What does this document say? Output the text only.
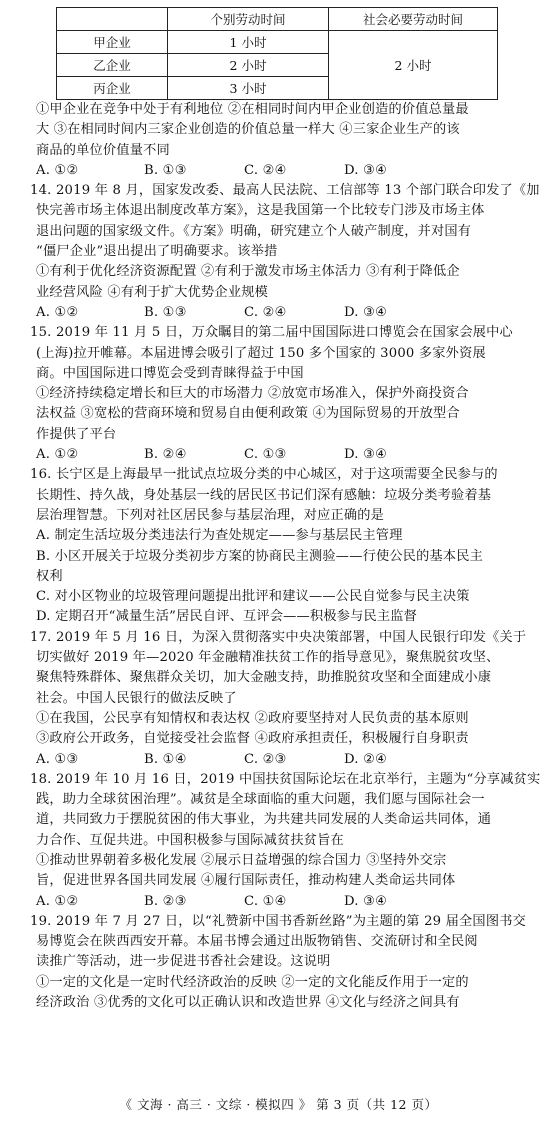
	个别劳动时间	社会必要劳动时间
甲企业	1 小时	2 小时
乙企业	2 小时	
丙企业	3 小时	
①甲企业在竞争中处于有利地位 ②在相同时间内甲企业创造的价值总量最
大 ③在相同时间内三家企业创造的价值总量一样大 ④三家企业生产的该
商品的单位价值量不同
A. ①②	B. ①③	C. ②④	D. ③④
14. 2019 年 8 月，国家发改委、最高人民法院、工信部等 13 个部门联合印发了《加
快完善市场主体退出制度改革方案》，这是我国第一个比较专门涉及市场主体
退出问题的国家级文件。《方案》明确，研究建立个人破产制度，并对国有
“僵尸企业”退出提出了明确要求。该举措
①有利于优化经济资源配置 ②有利于激发市场主体活力 ③有利于降低企
业经营风险 ④有利于扩大优势企业规模
A. ①②	B. ①③	C. ②④	D. ③④
15. 2019 年 11 月 5 日，万众瞩目的第二届中国国际进口博览会在国家会展中心
(上海)拉开帷幕。本届进博会吸引了超过 150 多个国家的 3000 多家外资展
商。中国国际进口博览会受到青睐得益于中国
①经济持续稳定增长和巨大的市场潜力 ②放宽市场准入，保护外商投资合
法权益 ③宽松的营商环境和贸易自由便利政策 ④为国际贸易的开放型合
作提供了平台
A. ①②	B. ②④	C. ①③	D. ③④
16. 长宁区是上海最早一批试点垃圾分类的中心城区，对于这项需要全民参与的
长期性、持久战，身处基层一线的居民区书记们深有感触：垃圾分类考验着基
层治理智慧。下列对社区居民参与基层治理，对应正确的是
A. 制定生活垃圾分类违法行为查处规定——参与基层民主管理
B. 小区开展关于垃圾分类初步方案的协商民主测验——行使公民的基本民主
权利
C. 对小区物业的垃圾管理问题提出批评和建议——公民自觉参与民主决策
D. 定期召开“减量生活”居民自评、互评会——积极参与民主监督
17. 2019 年 5 月 16 日，为深入贯彻落实中央决策部署，中国人民银行印发《关于
切实做好 2019 年—2020 年金融精准扶贫工作的指导意见》，聚焦脱贫攻坚、
聚焦特殊群体、聚焦群众关切，加大金融支持，助推脱贫攻坚和全面建成小康
社会。中国人民银行的做法反映了
①在我国，公民享有知情权和表达权 ②政府要坚持对人民负责的基本原则
③政府公开政务，自觉接受社会监督 ④政府承担责任，积极履行自身职责
A. ①③	B. ①④	C. ②③	D. ②④
18. 2019 年 10 月 16 日，2019 中国扶贫国际论坛在北京举行，主题为“分享减贫实
践，助力全球贫困治理”。减贫是全球面临的重大问题，我们愿与国际社会一
道，共同致力于摆脱贫困的伟大事业，为共建共同发展的人类命运共同体，通
力合作、互促共进。中国积极参与国际减贫扶贫旨在
①推动世界朝着多极化发展 ②展示日益增强的综合国力 ③坚持外交宗
旨，促进世界各国共同发展 ④履行国际责任，推动构建人类命运共同体
A. ①②	B. ②③	C. ①④	D. ③④
19. 2019 年 7 月 27 日，以“礼赞新中国书香新丝路”为主题的第 29 届全国图书交
易博览会在陕西西安开幕。本届书博会通过出版物销售、交流研讨和全民阅
读推广等活动，进一步促进书香社会建设。这说明
①一定的文化是一定时代经济政治的反映 ②一定的文化能反作用于一定的
经济政治 ③优秀的文化可以正确认识和改造世界 ④文化与经济之间具有
《 文海 · 高三 · 文综 · 模拟四 》 第 3 页（共 12 页）
